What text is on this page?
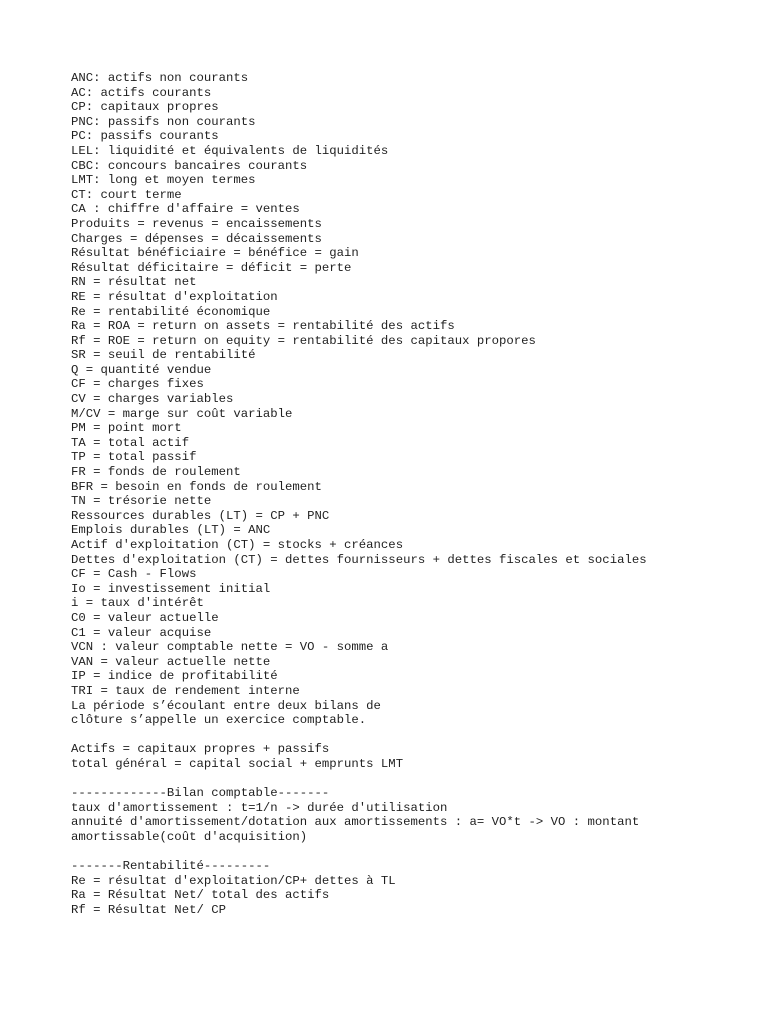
ANC: actifs non courants
AC: actifs courants
CP: capitaux propres
PNC: passifs non courants
PC: passifs courants
LEL: liquidité et équivalents de liquidités
CBC: concours bancaires courants
LMT: long et moyen termes
CT: court terme
CA : chiffre d'affaire = ventes
Produits = revenus = encaissements
Charges = dépenses = décaissements
Résultat bénéficiaire = bénéfice = gain
Résultat déficitaire = déficit = perte
RN = résultat net
RE = résultat d'exploitation
Re = rentabilité économique
Ra = ROA = return on assets = rentabilité des actifs
Rf = ROE = return on equity = rentabilité des capitaux propores
SR = seuil de rentabilité
Q = quantité vendue
CF = charges fixes
CV = charges variables
M/CV = marge sur coût variable
PM = point mort
TA = total actif
TP = total passif
FR = fonds de roulement
BFR = besoin en fonds de roulement
TN = trésorie nette
Ressources durables (LT) = CP + PNC
Emplois durables (LT) = ANC
Actif d'exploitation (CT) = stocks + créances
Dettes d'exploitation (CT) = dettes fournisseurs + dettes fiscales et sociales
CF = Cash - Flows
Io = investissement initial
i = taux d'intérêt
C0 = valeur actuelle
C1 = valeur acquise
VCN : valeur comptable nette = VO - somme a
VAN = valeur actuelle nette
IP = indice de profitabilité
TRI = taux de rendement interne
La période s’écoulant entre deux bilans de
clôture s’appelle un exercice comptable.
Actifs = capitaux propres + passifs
total général = capital social + emprunts LMT
-------------Bilan comptable-------
taux d'amortissement : t=1/n -> durée d'utilisation
annuité d'amortissement/dotation aux amortissements : a= VO*t -> VO : montant
amortissable(coût d'acquisition)
-------Rentabilité---------
Re = résultat d'exploitation/CP+ dettes à TL
Ra = Résultat Net/ total des actifs
Rf = Résultat Net/ CP
